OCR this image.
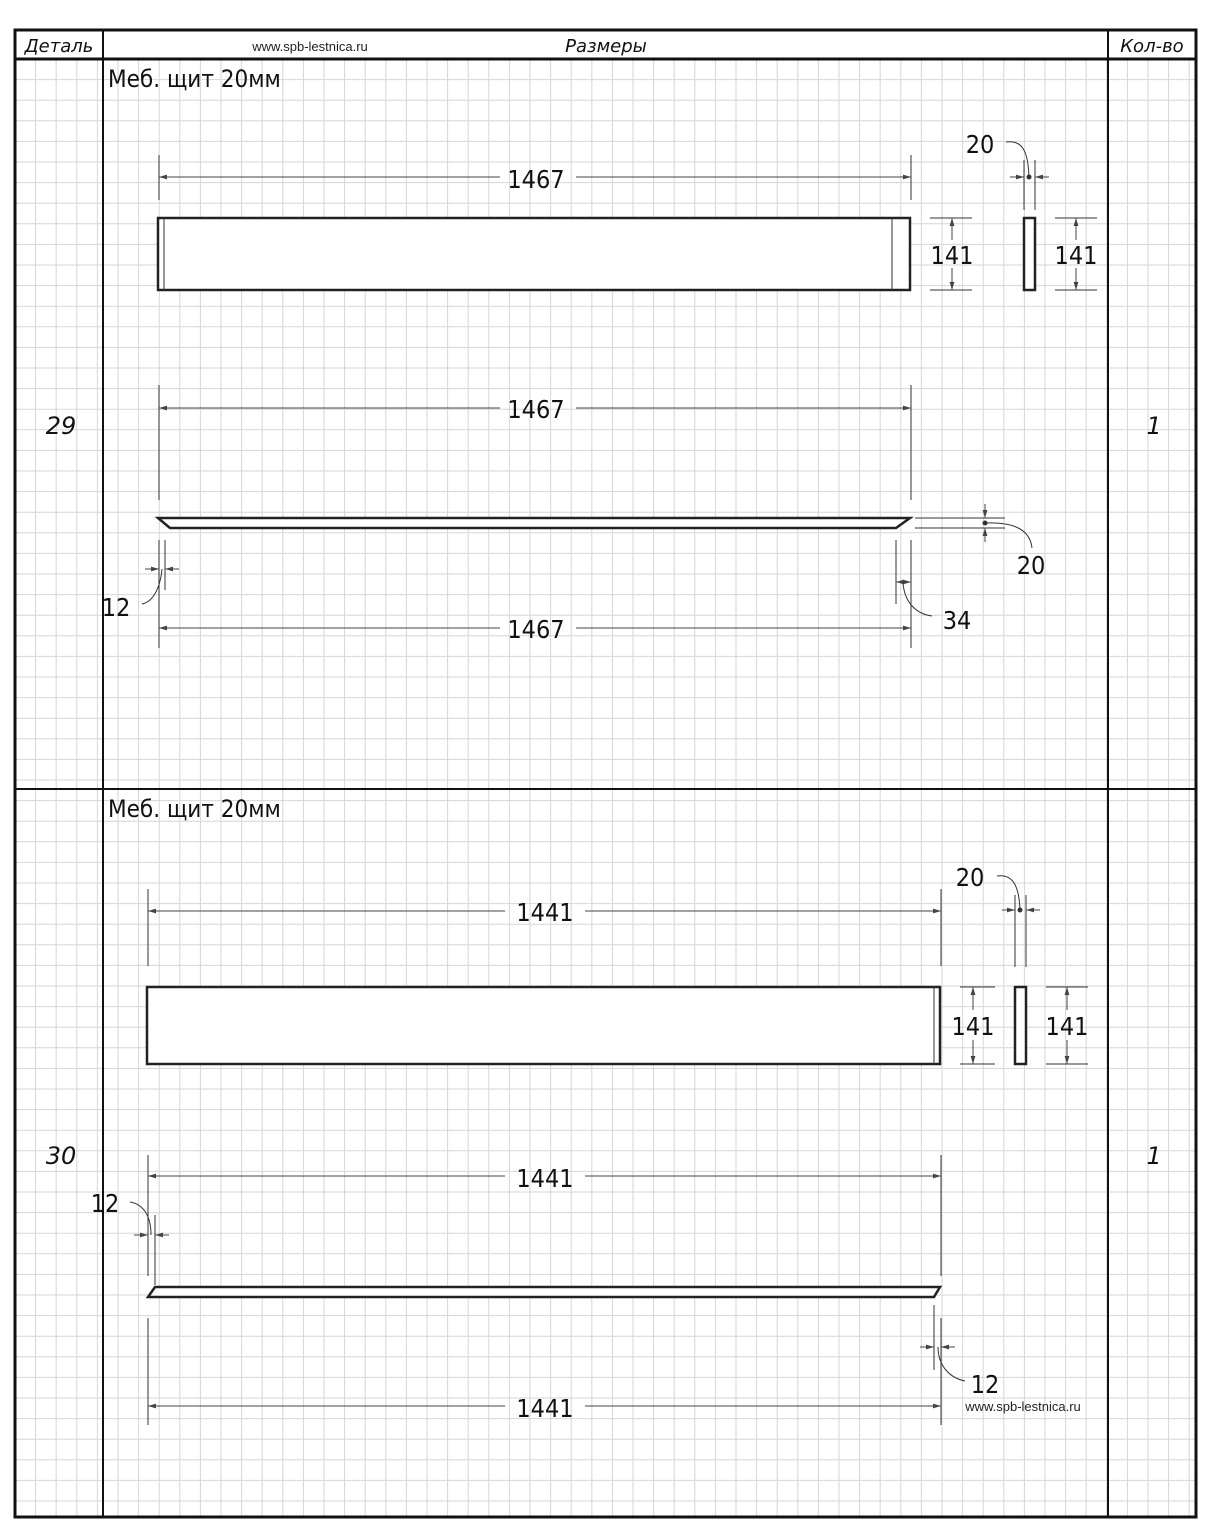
Деталь	www.spb-lestnica.ru	Размеры	Кол-во
29	1
Меб. щит 20мм
1467
141
20
141
1467
20
12	34
1467
30	1
Меб. щит 20мм
1441
141
20
141
1441
12
12
1441	www.spb-lestnica.ru
